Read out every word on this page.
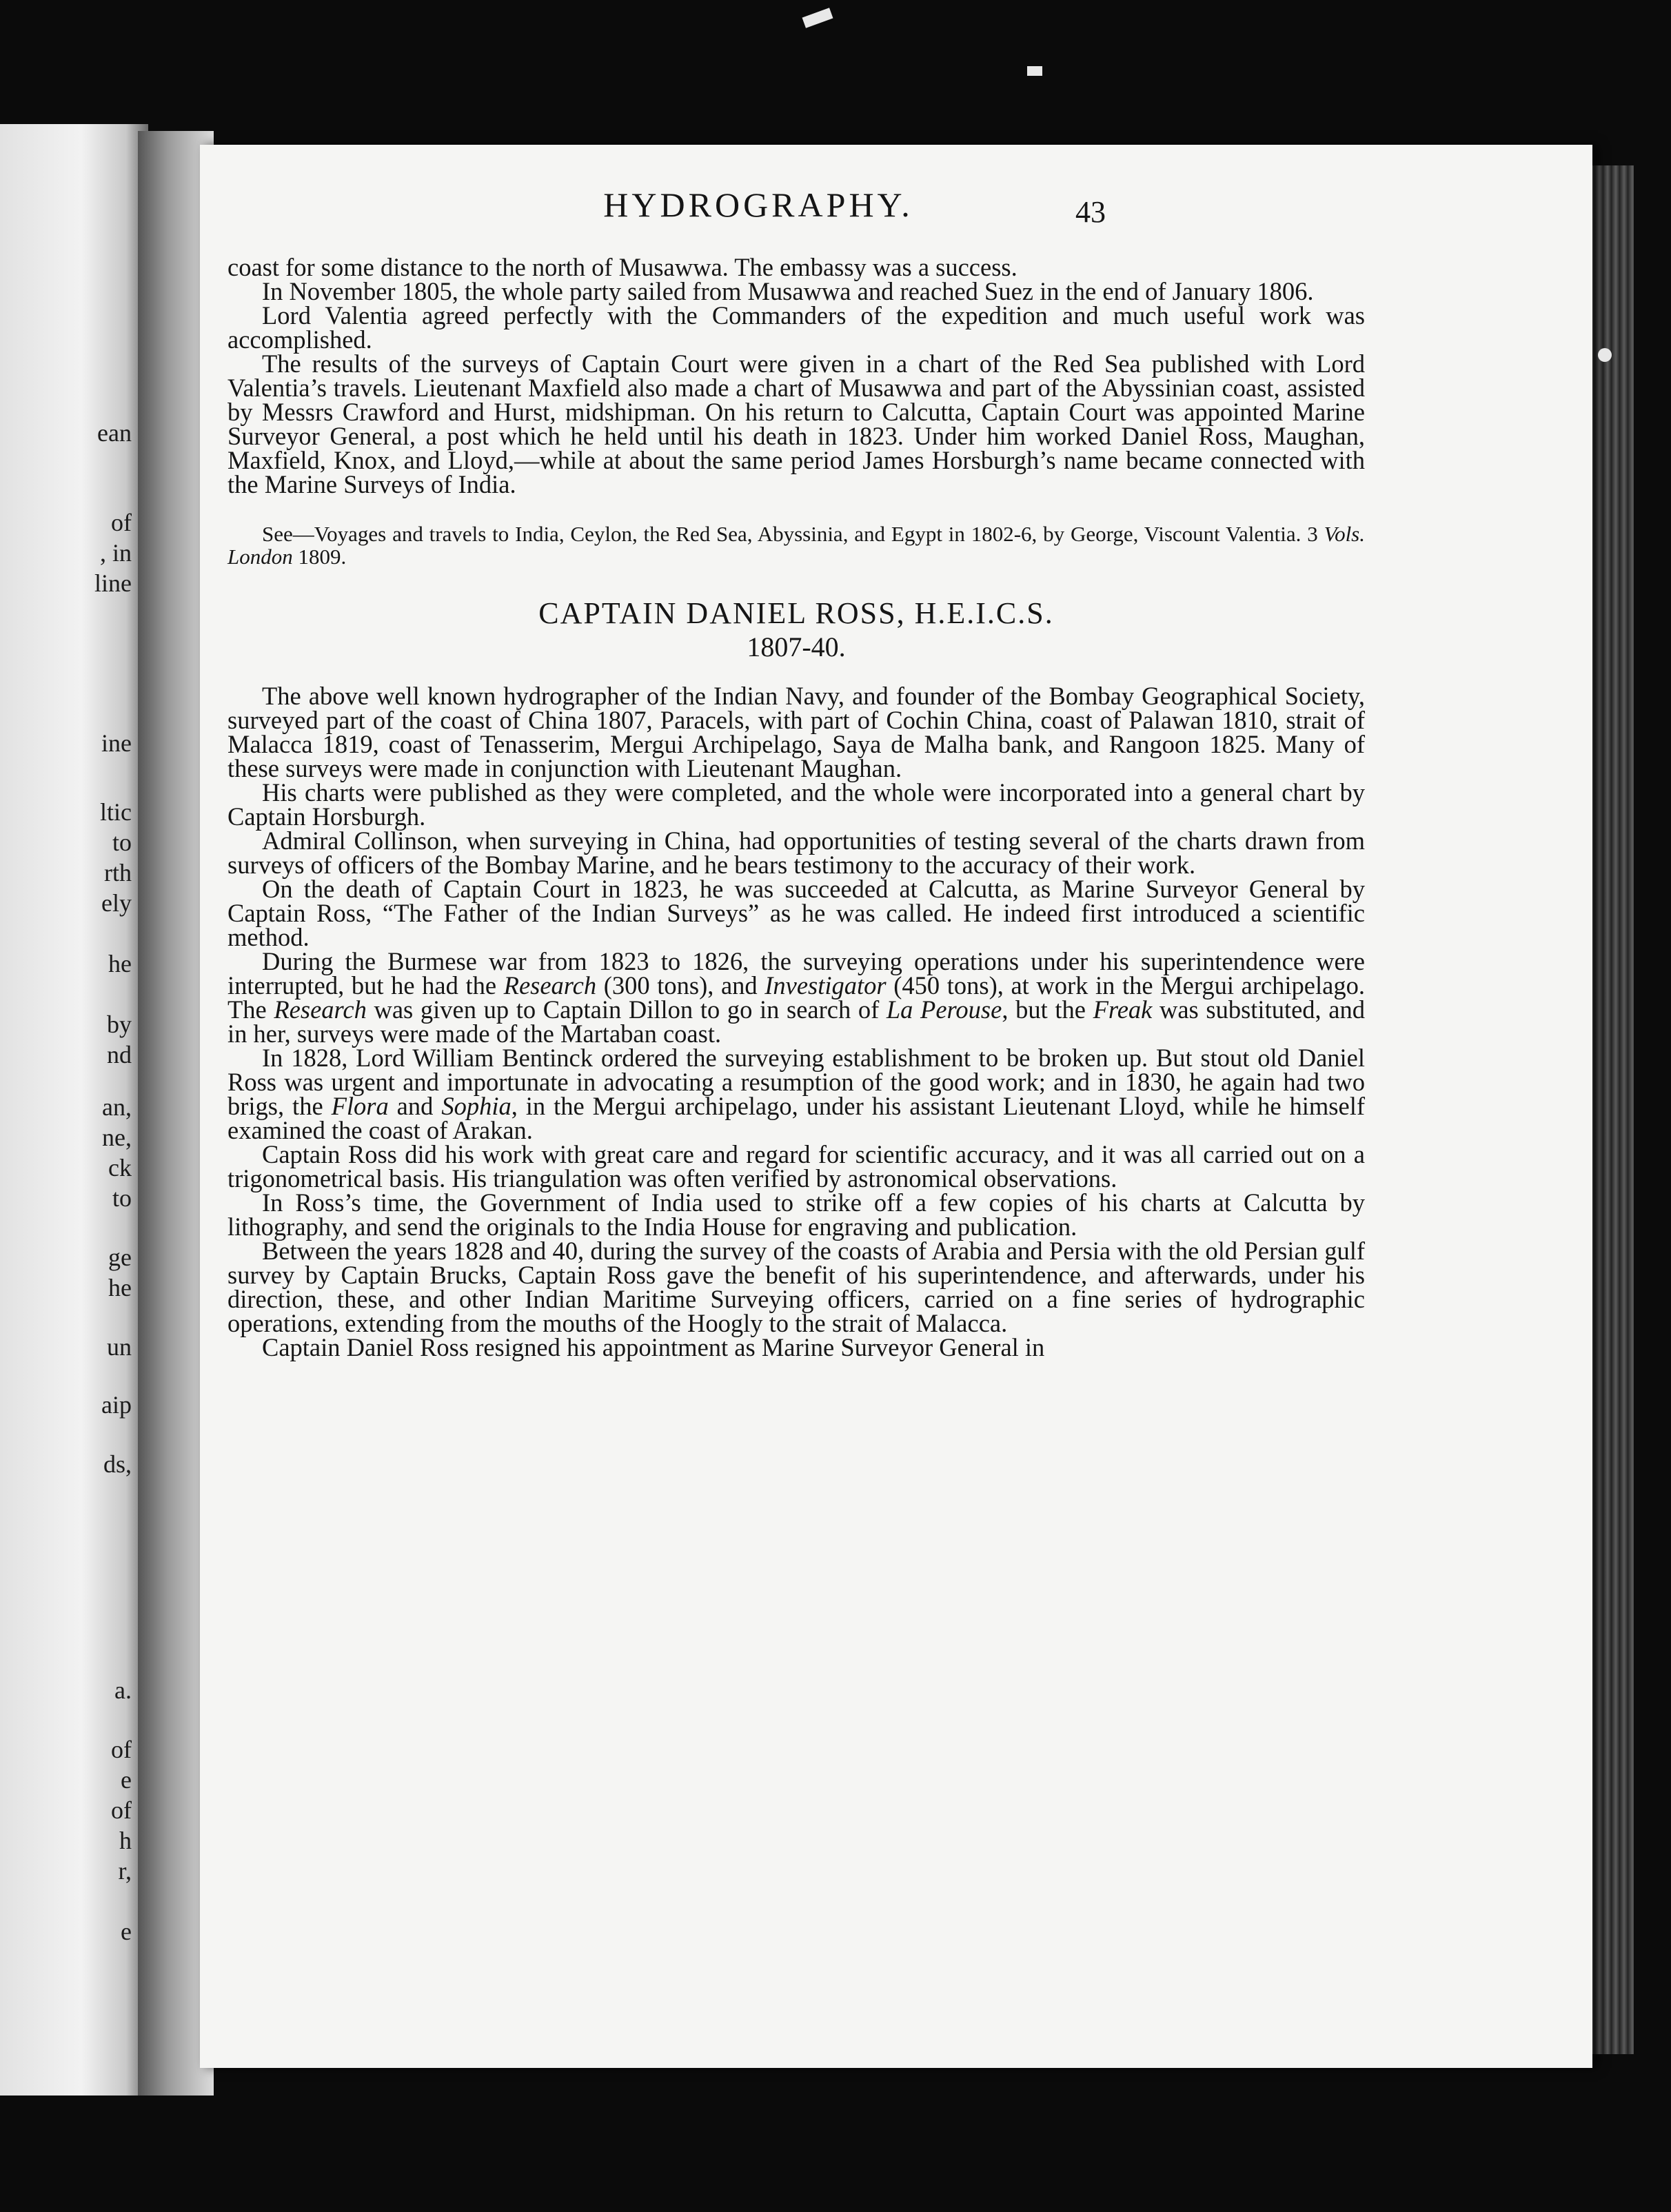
ean
of
, in
line
ine
ltic
to
rth
ely
he
by
nd
an,
ne,
ck
to
ge
he
un
aip
ds,
a.
of
e
of
h
r,
e
HYDROGRAPHY.	43

coast for some distance to the north of Musawwa. The embassy was a success.

In November 1805, the whole party sailed from Musawwa and reached Suez in the end of January 1806.

Lord Valentia agreed perfectly with the Commanders of the expedition and much useful work was accomplished.

The results of the surveys of Captain Court were given in a chart of the Red Sea published with Lord Valentia’s travels. Lieutenant Maxfield also made a chart of Musawwa and part of the Abyssinian coast, assisted by Messrs Crawford and Hurst, midshipman. On his return to Calcutta, Captain Court was appointed Marine Surveyor General, a post which he held until his death in 1823. Under him worked Daniel Ross, Maughan, Maxfield, Knox, and Lloyd,—while at about the same period James Horsburgh’s name became connected with the Marine Surveys of India.

See—Voyages and travels to India, Ceylon, the Red Sea, Abyssinia, and Egypt in 1802-6, by George, Viscount Valentia. 3 Vols. London 1809.

CAPTAIN DANIEL ROSS, H.E.I.C.S.
1807-40.

The above well known hydrographer of the Indian Navy, and founder of the Bombay Geographical Society, surveyed part of the coast of China 1807, Paracels, with part of Cochin China, coast of Palawan 1810, strait of Malacca 1819, coast of Tenasserim, Mergui Archipelago, Saya de Malha bank, and Rangoon 1825. Many of these surveys were made in conjunction with Lieutenant Maughan.

His charts were published as they were completed, and the whole were incorporated into a general chart by Captain Horsburgh.

Admiral Collinson, when surveying in China, had opportunities of testing several of the charts drawn from surveys of officers of the Bombay Marine, and he bears testimony to the accuracy of their work.

On the death of Captain Court in 1823, he was succeeded at Calcutta, as Marine Surveyor General by Captain Ross, “The Father of the Indian Surveys” as he was called. He indeed first introduced a scientific method.

During the Burmese war from 1823 to 1826, the surveying operations under his superintendence were interrupted, but he had the Research (300 tons), and Investigator (450 tons), at work in the Mergui archipelago. The Research was given up to Captain Dillon to go in search of La Perouse, but the Freak was substituted, and in her, surveys were made of the Martaban coast.

In 1828, Lord William Bentinck ordered the surveying establishment to be broken up. But stout old Daniel Ross was urgent and importunate in advocating a resumption of the good work; and in 1830, he again had two brigs, the Flora and Sophia, in the Mergui archipelago, under his assistant Lieutenant Lloyd, while he himself examined the coast of Arakan.

Captain Ross did his work with great care and regard for scientific accuracy, and it was all carried out on a trigonometrical basis. His triangulation was often verified by astronomical observations.

In Ross’s time, the Government of India used to strike off a few copies of his charts at Calcutta by lithography, and send the originals to the India House for engraving and publication.

Between the years 1828 and 40, during the survey of the coasts of Arabia and Persia with the old Persian gulf survey by Captain Brucks, Captain Ross gave the benefit of his superintendence, and afterwards, under his direction, these, and other Indian Maritime Surveying officers, carried on a fine series of hydrographic operations, extending from the mouths of the Hoogly to the strait of Malacca.

Captain Daniel Ross resigned his appointment as Marine Surveyor General in
